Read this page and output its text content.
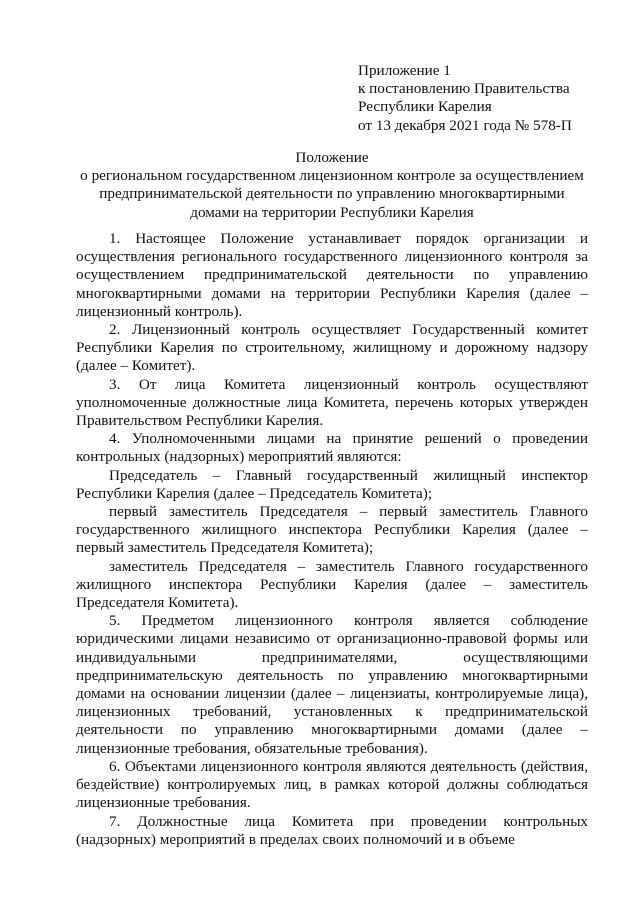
Приложение 1
к постановлению Правительства
Республики Карелия
от 13 декабря 2021 года № 578-П
Положение
о региональном государственном лицензионном контроле за осуществлением
предпринимательской деятельности по управлению многоквартирными
домами на территории Республики Карелия

1. Настоящее Положение устанавливает порядок организации и осуществления регионального государственного лицензионного контроля за осуществлением предпринимательской деятельности по управлению многоквартирными домами на территории Республики Карелия (далее – лицензионный контроль).

2. Лицензионный контроль осуществляет Государственный комитет Республики Карелия по строительному, жилищному и дорожному надзору (далее – Комитет).

3. От лица Комитета лицензионный контроль осуществляют уполномоченные должностные лица Комитета, перечень которых утвержден Правительством Республики Карелия.

4. Уполномоченными лицами на принятие решений о проведении контрольных (надзорных) мероприятий являются:

Председатель – Главный государственный жилищный инспектор Республики Карелия (далее – Председатель Комитета);

первый заместитель Председателя – первый заместитель Главного государственного жилищного инспектора Республики Карелия (далее – первый заместитель Председателя Комитета);

заместитель Председателя – заместитель Главного государственного жилищного инспектора Республики Карелия (далее – заместитель Председателя Комитета).

5. Предметом лицензионного контроля является соблюдение юридическими лицами независимо от организационно-правовой формы или индивидуальными предпринимателями, осуществляющими предпринимательскую деятельность по управлению многоквартирными домами на основании лицензии (далее – лицензиаты, контролируемые лица), лицензионных требований, установленных к предпринимательской деятельности по управлению многоквартирными домами (далее – лицензионные требования, обязательные требования).

6. Объектами лицензионного контроля являются деятельность (действия, бездействие) контролируемых лиц, в рамках которой должны соблюдаться лицензионные требования.

7. Должностные лица Комитета при проведении контрольных (надзорных) мероприятий в пределах своих полномочий и в объеме
